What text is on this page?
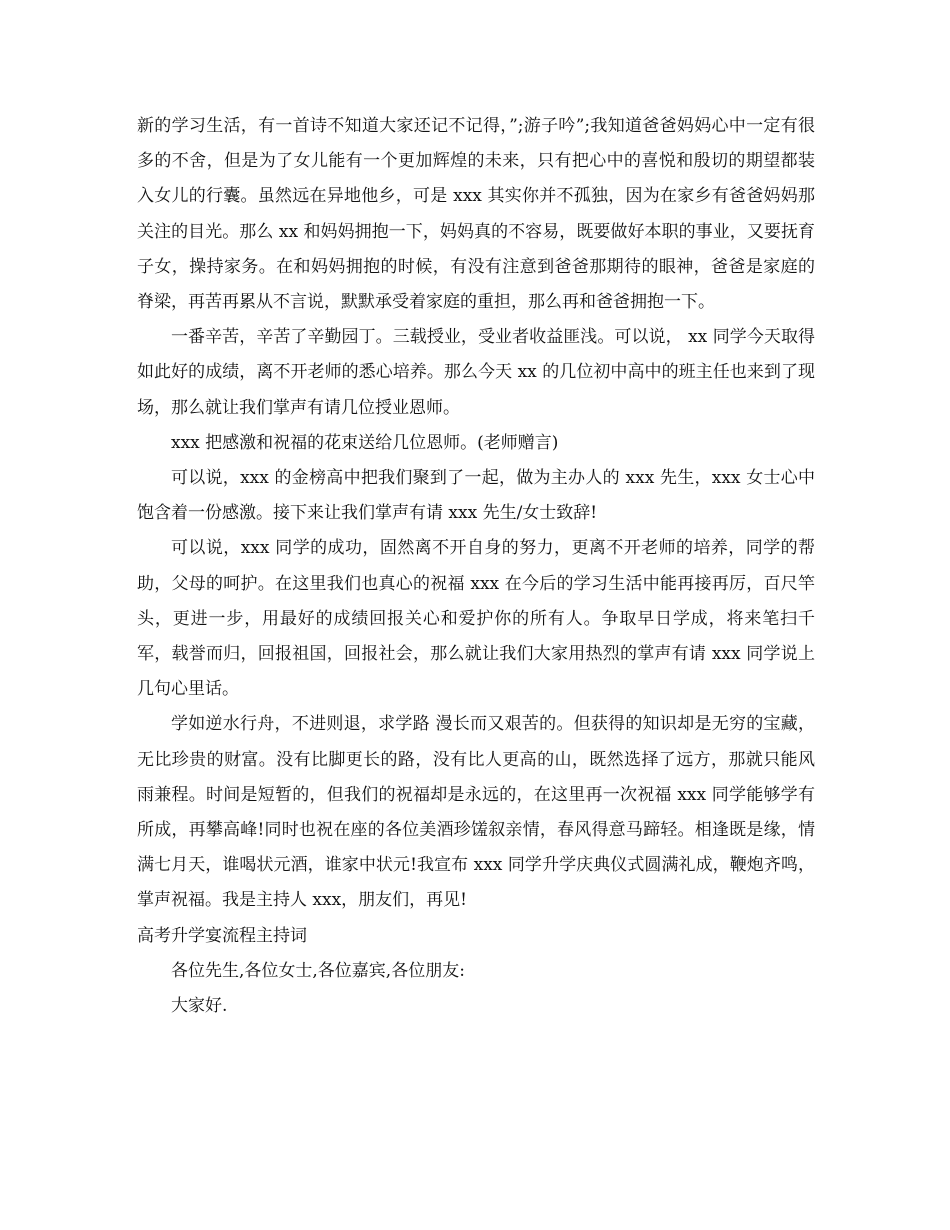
新的学习生活，有一首诗不知道大家还记不记得，”;游子吟”;我知道爸爸妈妈心中一定有很多的不舍，但是为了女儿能有一个更加辉煌的未来，只有把心中的喜悦和殷切的期望都装入女儿的行囊。虽然远在异地他乡，可是 xxx 其实你并不孤独，因为在家乡有爸爸妈妈那关注的目光。那么 xx 和妈妈拥抱一下，妈妈真的不容易，既要做好本职的事业，又要抚育子女，操持家务。在和妈妈拥抱的时候，有没有注意到爸爸那期待的眼神，爸爸是家庭的脊梁，再苦再累从不言说，默默承受着家庭的重担，那么再和爸爸拥抱一下。

一番辛苦，辛苦了辛勤园丁。三载授业，受业者收益匪浅。可以说， xx 同学今天取得如此好的成绩，离不开老师的悉心培养。那么今天 xx 的几位初中高中的班主任也来到了现场，那么就让我们掌声有请几位授业恩师。

xxx 把感激和祝福的花束送给几位恩师。(老师赠言)

可以说，xxx 的金榜高中把我们聚到了一起，做为主办人的 xxx 先生，xxx 女士心中饱含着一份感激。接下来让我们掌声有请 xxx 先生/女士致辞!

可以说，xxx 同学的成功，固然离不开自身的努力，更离不开老师的培养，同学的帮助，父母的呵护。在这里我们也真心的祝福 xxx 在今后的学习生活中能再接再厉，百尺竿头，更进一步，用最好的成绩回报关心和爱护你的所有人。争取早日学成，将来笔扫千军，载誉而归，回报祖国，回报社会，那么就让我们大家用热烈的掌声有请 xxx 同学说上几句心里话。

学如逆水行舟，不进则退，求学路 漫长而又艰苦的。但获得的知识却是无穷的宝藏，无比珍贵的财富。没有比脚更长的路，没有比人更高的山，既然选择了远方，那就只能风雨兼程。时间是短暂的，但我们的祝福却是永远的，在这里再一次祝福 xxx 同学能够学有所成，再攀高峰!同时也祝在座的各位美酒珍馐叙亲情，春风得意马蹄轻。相逢既是缘，情满七月天，谁喝状元酒，谁家中状元!我宣布 xxx 同学升学庆典仪式圆满礼成，鞭炮齐鸣，掌声祝福。我是主持人 xxx，朋友们，再见!

高考升学宴流程主持词

各位先生,各位女士,各位嘉宾,各位朋友:

大家好.
